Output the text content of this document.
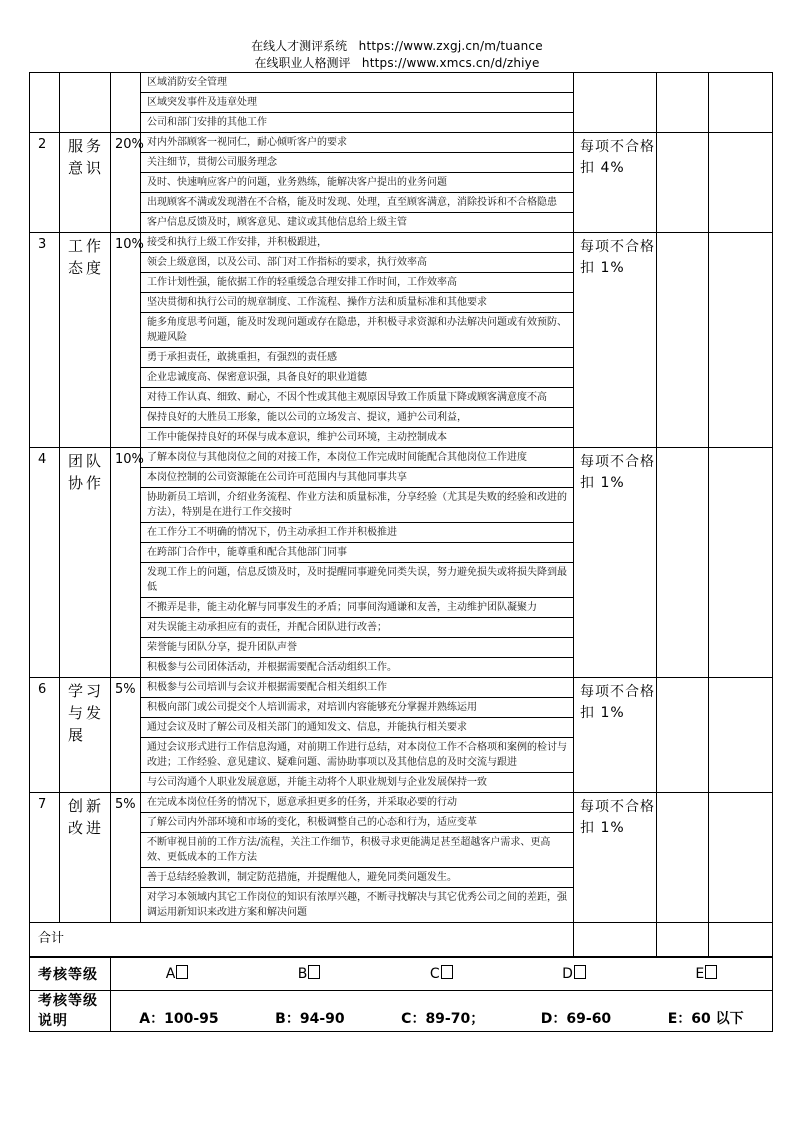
在线人才测评系统 https://www.zxgj.cn/m/tuance
在线职业人格测评 https://www.xmcs.cn/d/zhiye

区域消防安全管理
区域突发事件及违章处理
公司和部门安排的其他工作

2	服务意识	20%	对内外部顾客一视同仁，耐心倾听客户的要求
关注细节，贯彻公司服务理念
及时、快速响应客户的问题，业务熟练，能解决客户提出的业务问题
出现顾客不满或发现潜在不合格，能及时发现、处理，直至顾客满意，消除投诉和不合格隐患
客户信息反馈及时，顾客意见、建议或其他信息给上级主管
	每项不合格扣 4%		
3	工作态度	10%	接受和执行上级工作安排，并积极跟进，
领会上级意图，以及公司、部门对工作指标的要求，执行效率高
工作计划性强，能依据工作的轻重缓急合理安排工作时间，工作效率高
坚决贯彻和执行公司的规章制度、工作流程、操作方法和质量标准和其他要求
能多角度思考问题，能及时发现问题或存在隐患，并积极寻求资源和办法解决问题或有效预防、规避风险
勇于承担责任，敢挑重担，有强烈的责任感
企业忠诚度高、保密意识强，具备良好的职业道德
对待工作认真、细致、耐心，不因个性或其他主观原因导致工作质量下降或顾客满意度不高
保持良好的大胜员工形象，能以公司的立场发言、提议，通护公司利益，
工作中能保持良好的环保与成本意识，维护公司环境，主动控制成本
	每项不合格扣 1%		
4	团队协作	10%	了解本岗位与其他岗位之间的对接工作，本岗位工作完成时间能配合其他岗位工作进度
本岗位控制的公司资源能在公司许可范围内与其他同事共享
协助新员工培训，介绍业务流程、作业方法和质量标准，分享经验（尤其是失败的经验和改进的方法），特别是在进行工作交接时
在工作分工不明确的情况下，仍主动承担工作并积极推进
在跨部门合作中，能尊重和配合其他部门同事
发现工作上的问题，信息反馈及时，及时提醒同事避免同类失误，努力避免损失或将损失降到最低
不搬弄是非，能主动化解与同事发生的矛盾；同事间沟通谦和友善，主动维护团队凝聚力
对失误能主动承担应有的责任，并配合团队进行改善；
荣誉能与团队分享，提升团队声誉
积极参与公司团体活动，并根据需要配合活动组织工作。
	每项不合格扣 1%		
6	学习与发展	5%	积极参与公司培训与会议并根据需要配合相关组织工作
积极向部门或公司提交个人培训需求，对培训内容能够充分掌握并熟练运用
通过会议及时了解公司及相关部门的通知发文、信息，并能执行相关要求
通过会议形式进行工作信息沟通，对前期工作进行总结，对本岗位工作不合格项和案例的检讨与改进；工作经验、意见建议、疑难问题、需协助事项以及其他信息的及时交流与跟进
与公司沟通个人职业发展意愿，并能主动将个人职业规划与企业发展保持一致
	每项不合格扣 1%		
7	创新改进	5%	在完成本岗位任务的情况下，愿意承担更多的任务，并采取必要的行动
了解公司内外部环境和市场的变化，积极调整自己的心态和行为，适应变革
不断审视目前的工作方法/流程，关注工作细节，积极寻求更能满足甚至超越客户需求、更高效、更低成本的工作方法
善于总结经验教训，制定防范措施，并提醒他人，避免同类问题发生。
对学习本领域内其它工作岗位的知识有浓厚兴趣，不断寻找解决与其它优秀公司之间的差距，强调运用新知识来改进方案和解决问题
	每项不合格扣 1%		
合计			
考核等级	A B C D E

考核等级说明	A：100-95 B：94-90 C：89-70； D：69-60 E：60 以下
